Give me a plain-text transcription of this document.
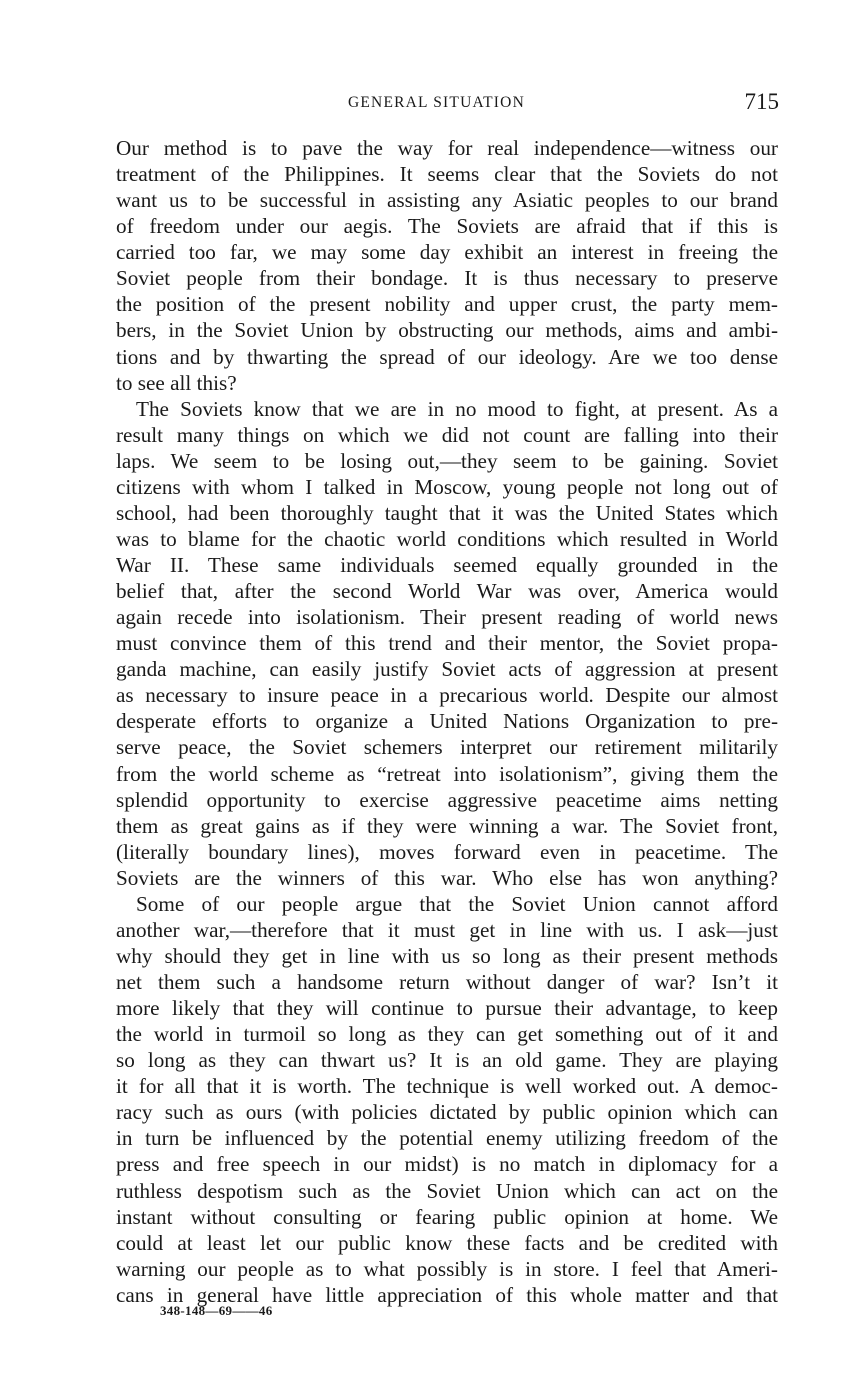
GENERAL SITUATION	715
Our method is to pave the way for real independence—witness our
treatment of the Philippines. It seems clear that the Soviets do not
want us to be successful in assisting any Asiatic peoples to our brand
of freedom under our aegis. The Soviets are afraid that if this is
carried too far, we may some day exhibit an interest in freeing the
Soviet people from their bondage. It is thus necessary to preserve
the position of the present nobility and upper crust, the party mem-
bers, in the Soviet Union by obstructing our methods, aims and ambi-
tions and by thwarting the spread of our ideology. Are we too dense
to see all this?
The Soviets know that we are in no mood to fight, at present. As a
result many things on which we did not count are falling into their
laps. We seem to be losing out,—they seem to be gaining. Soviet
citizens with whom I talked in Moscow, young people not long out of
school, had been thoroughly taught that it was the United States which
was to blame for the chaotic world conditions which resulted in World
War II. These same individuals seemed equally grounded in the
belief that, after the second World War was over, America would
again recede into isolationism. Their present reading of world news
must convince them of this trend and their mentor, the Soviet propa-
ganda machine, can easily justify Soviet acts of aggression at present
as necessary to insure peace in a precarious world. Despite our almost
desperate efforts to organize a United Nations Organization to pre-
serve peace, the Soviet schemers interpret our retirement militarily
from the world scheme as “retreat into isolationism”, giving them the
splendid opportunity to exercise aggressive peacetime aims netting
them as great gains as if they were winning a war. The Soviet front,
(literally boundary lines), moves forward even in peacetime. The
Soviets are the winners of this war. Who else has won anything?
Some of our people argue that the Soviet Union cannot afford
another war,—therefore that it must get in line with us. I ask—just
why should they get in line with us so long as their present methods
net them such a handsome return without danger of war? Isn’t it
more likely that they will continue to pursue their advantage, to keep
the world in turmoil so long as they can get something out of it and
so long as they can thwart us? It is an old game. They are playing
it for all that it is worth. The technique is well worked out. A democ-
racy such as ours (with policies dictated by public opinion which can
in turn be influenced by the potential enemy utilizing freedom of the
press and free speech in our midst) is no match in diplomacy for a
ruthless despotism such as the Soviet Union which can act on the
instant without consulting or fearing public opinion at home. We
could at least let our public know these facts and be credited with
warning our people as to what possibly is in store. I feel that Ameri-
cans in general have little appreciation of this whole matter and that
348-148—69——46
